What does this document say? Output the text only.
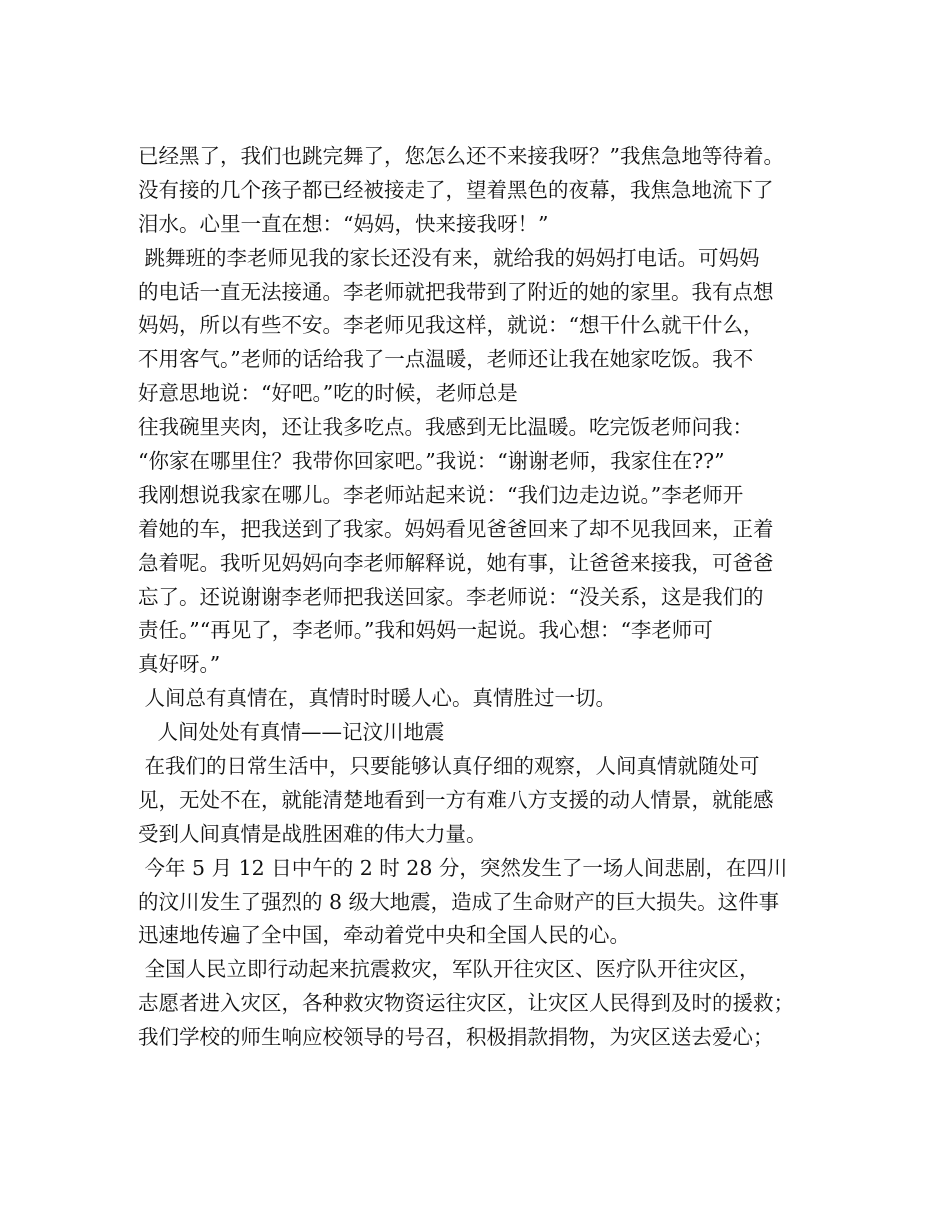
已经黑了，我们也跳完舞了，您怎么还不来接我呀？”我焦急地等待着。
没有接的几个孩子都已经被接走了，望着黑色的夜幕，我焦急地流下了
泪水。心里一直在想：“妈妈，快来接我呀！”
跳舞班的李老师见我的家长还没有来，就给我的妈妈打电话。可妈妈
的电话一直无法接通。李老师就把我带到了附近的她的家里。我有点想
妈妈，所以有些不安。李老师见我这样，就说：“想干什么就干什么，
不用客气。”老师的话给我了一点温暖，老师还让我在她家吃饭。我不
好意思地说：“好吧。”吃的时候，老师总是
往我碗里夹肉，还让我多吃点。我感到无比温暖。吃完饭老师问我：
“你家在哪里住？我带你回家吧。”我说：“谢谢老师，我家住在??”
我刚想说我家在哪儿。李老师站起来说：“我们边走边说。”李老师开
着她的车，把我送到了我家。妈妈看见爸爸回来了却不见我回来，正着
急着呢。我听见妈妈向李老师解释说，她有事，让爸爸来接我，可爸爸
忘了。还说谢谢李老师把我送回家。李老师说：“没关系，这是我们的
责任。”“再见了，李老师。”我和妈妈一起说。我心想：“李老师可
真好呀。”
人间总有真情在，真情时时暖人心。真情胜过一切。
人间处处有真情——记汶川地震
在我们的日常生活中，只要能够认真仔细的观察，人间真情就随处可
见，无处不在，就能清楚地看到一方有难八方支援的动人情景，就能感
受到人间真情是战胜困难的伟大力量。
今年 5 月 12 日中午的 2 时 28 分，突然发生了一场人间悲剧，在四川
的汶川发生了强烈的 8 级大地震，造成了生命财产的巨大损失。这件事
迅速地传遍了全中国，牵动着党中央和全国人民的心。
全国人民立即行动起来抗震救灾，军队开往灾区、医疗队开往灾区，
志愿者进入灾区，各种救灾物资运往灾区，让灾区人民得到及时的援救；
我们学校的师生响应校领导的号召，积极捐款捐物，为灾区送去爱心；
